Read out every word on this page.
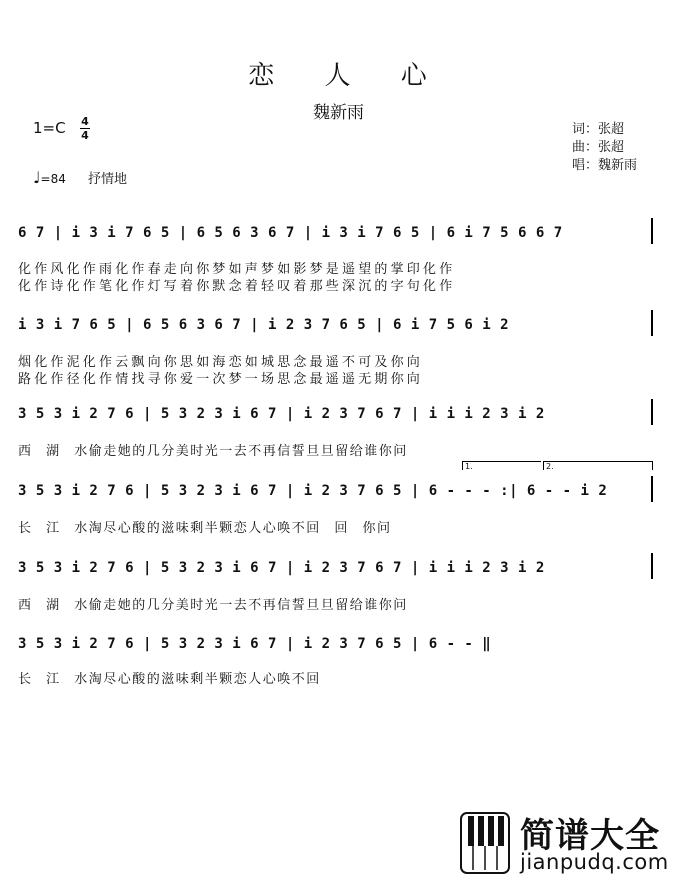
恋 人 心
魏新雨
1=C 4
4
♩=84 抒情地
词：张超
曲：张超
唱：魏新雨
6 7 | i 3 i 7 6 5 | 6 5 6 3 6 7 | i 3 i 7 6 5 | 6 i 7 5 6 6 7
化作风化作雨化作春走向你梦如声梦如影梦是遥望的掌印化作
化作诗化作笔化作灯写着你默念着轻叹着那些深沉的字句化作
i 3 i 7 6 5 | 6 5 6 3 6 7 | i 2 3 7 6 5 | 6 i 7 5 6 i 2
烟化作泥化作云飘向你思如海恋如城思念最遥不可及你向
路化作径化作情找寻你爱一次梦一场思念最遥遥无期你向
3 5 3 i 2 7 6 | 5 3 2 3 i 6 7 | i 2 3 7 6 7 | i i i 2 3 i 2
西 湖 水偷走她的几分美时光一去不再信誓旦旦留给谁你问
1.	2.
3 5 3 i 2 7 6 | 5 3 2 3 i 6 7 | i 2 3 7 6 5 | 6 - - - :| 6 - - i 2
长 江 水淘尽心酸的滋味剩半颗恋人心唤不回 回 你问
3 5 3 i 2 7 6 | 5 3 2 3 i 6 7 | i 2 3 7 6 7 | i i i 2 3 i 2
西 湖 水偷走她的几分美时光一去不再信誓旦旦留给谁你问
3 5 3 i 2 7 6 | 5 3 2 3 i 6 7 | i 2 3 7 6 5 | 6 - - ‖
长 江 水淘尽心酸的滋味剩半颗恋人心唤不回
简谱大全
jianpudq.com
